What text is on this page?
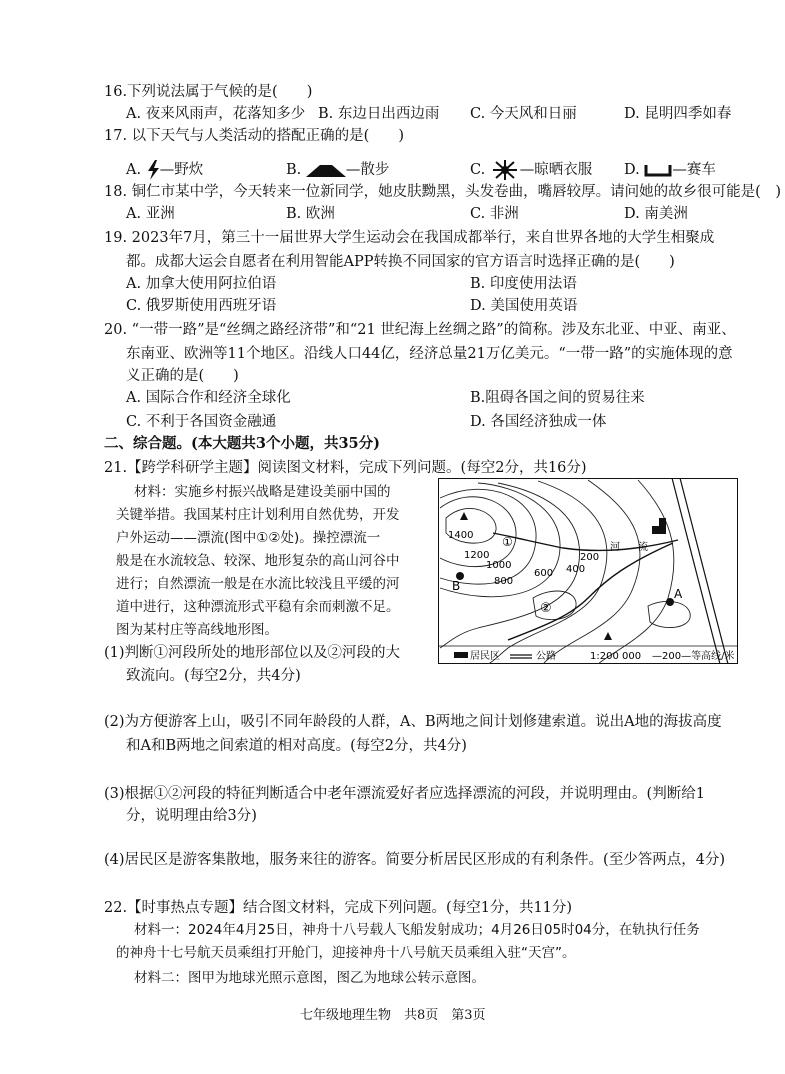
16.下列说法属于气候的是(　　)
A. 夜来风雨声，花落知多少 B. 东边日出西边雨 C. 今天风和日丽	D. 昆明四季如春
17. 以下天气与人类活动的搭配正确的是(　　)
A. —野炊	B.	—散步	C. —晾晒衣服 D. —赛车
18. 铜仁市某中学，今天转来一位新同学，她皮肤黝黑，头发卷曲，嘴唇较厚。请问她的故乡很可能是(　)
A. 亚洲	B. 欧洲	C. 非洲	D. 南美洲
19. 2023年7月，第三十一届世界大学生运动会在我国成都举行，来自世界各地的大学生相聚成
都。成都大运会自愿者在利用智能APP转换不同国家的官方语言时选择正确的是(　　)
A. 加拿大使用阿拉伯语	B. 印度使用法语
C. 俄罗斯使用西班牙语	D. 美国使用英语
20. “一带一路”是“丝绸之路经济带”和“21 世纪海上丝绸之路”的简称。涉及东北亚、中亚、南亚、
东南亚、欧洲等11个地区。沿线人口44亿，经济总量21万亿美元。“一带一路”的实施体现的意
义正确的是(　　)
A. 国际合作和经济全球化	B.阻碍各国之间的贸易往来
C. 不利于各国资金融通	D. 各国经济独成一体
二、综合题。(本大题共3个小题，共35分)
21.【跨学科研学主题】阅读图文材料，完成下列问题。(每空2分，共16分)
材料：实施乡村振兴战略是建设美丽中国的
关键举措。我国某村庄计划利用自然优势，开发
户外运动——漂流(图中①②处)。操控漂流一
般是在水流较急、较深、地形复杂的高山河谷中
进行；自然漂流一般是在水流比较浅且平缓的河
道中进行，这种漂流形式平稳有余而刺激不足。
图为某村庄等高线地形图。
(1)判断①河段所处的地形部位以及②河段的大
致流向。(每空2分，共4分)
1400
1200
1000
800
600 400
200
河 流
①
②
B
A
居民区	公路	1:200 000 —200—等高线/米
(2)为方便游客上山，吸引不同年龄段的人群，A、B两地之间计划修建索道。说出A地的海拔高度
和A和B两地之间索道的相对高度。(每空2分，共4分)
(3)根据①②河段的特征判断适合中老年漂流爱好者应选择漂流的河段，并说明理由。(判断给1
分，说明理由给3分)
(4)居民区是游客集散地，服务来往的游客。简要分析居民区形成的有利条件。(至少答两点，4分)
22.【时事热点专题】结合图文材料，完成下列问题。(每空1分，共11分)
材料一：2024年4月25日，神舟十八号载人飞船发射成功；4月26日05时04分，在轨执行任务
的神舟十七号航天员乘组打开舱门，迎接神舟十八号航天员乘组入驻“天宫”。
材料二：图甲为地球光照示意图，图乙为地球公转示意图。
七年级地理生物　共8页　第3页
